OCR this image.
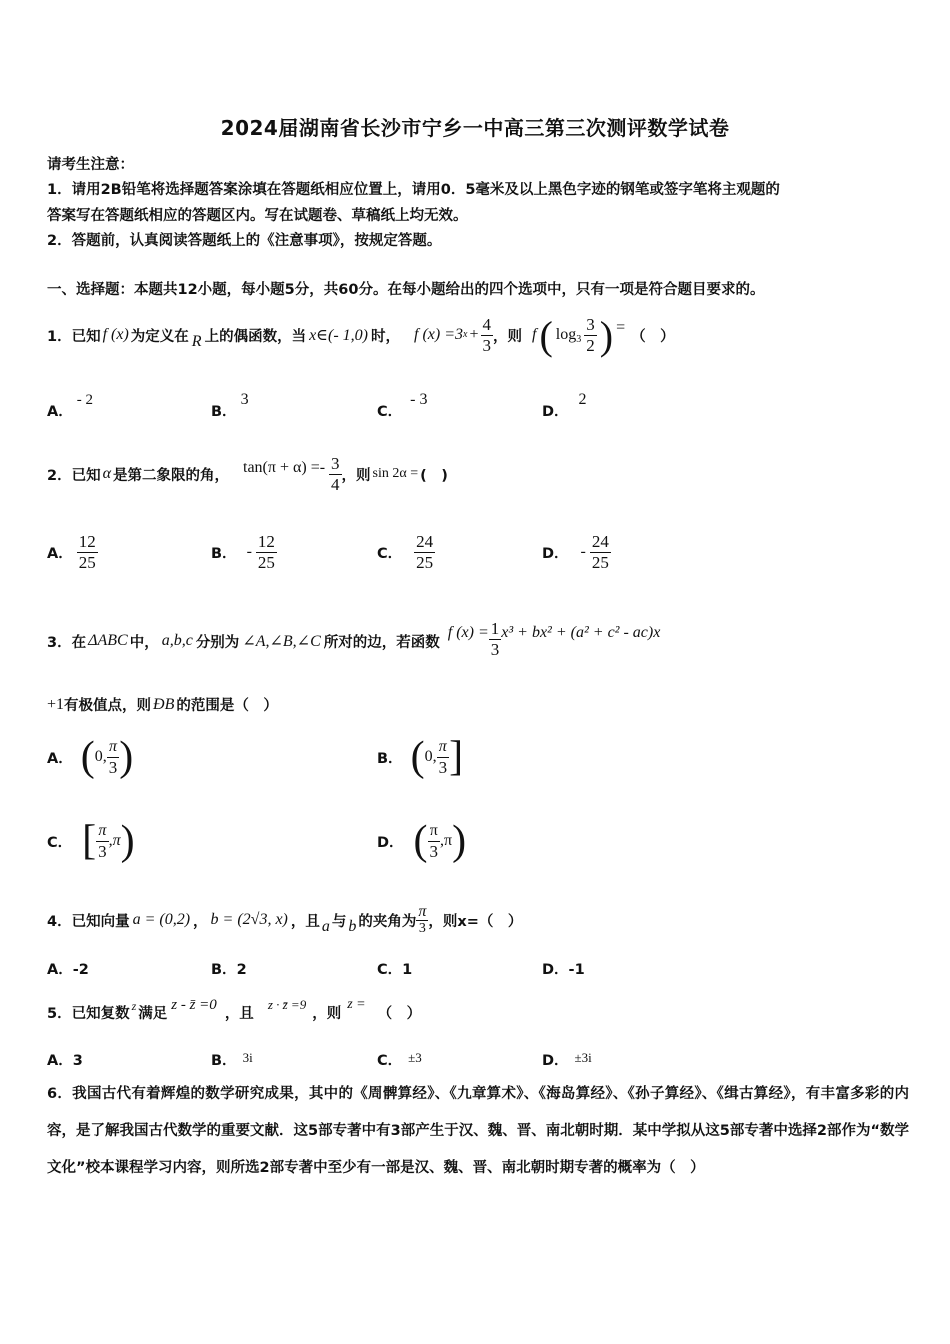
2024届湖南省长沙市宁乡一中高三第三次测评数学试卷
请考生注意：
1．请用2B铅笔将选择题答案涂填在答题纸相应位置上，请用0．5毫米及以上黑色字迹的钢笔或签字笔将主观题的
答案写在答题纸相应的答题区内。写在试题卷、草稿纸上均无效。
2．答题前，认真阅读答题纸上的《注意事项》，按规定答题。
一、选择题：本题共12小题，每小题5分，共60分。在每小题给出的四个选项中，只有一项是符合题目要求的。
1．已知 f (x) 为定义在 R 上的偶函数，当 x∈(- 1,0) 时， f (x) =3 $x + \frac{4}{3}$ ，则 f ( $\log_3 \frac{3}{2}$ ) =
（　）
A．- 2
B．3
C．- 3
D．2
2．已知 α 是第二象限的角， $\tan(\pi + \alpha) =- \frac{3}{4}$ ，则 sin 2α = (　)
A． $\frac{12}{25}$	B． - $\frac{12}{25}$	C． $\frac{24}{25}$	D． - $\frac{24}{25}$
3．在 ΔABC 中， a,b,c 分别为 ∠A,∠B,∠C 所对的边，若函数
f $(x) = \frac{1}{3} x^3 + bx^2 + (a^2 + c^2 - ac)x$
+1 有极值点，则 ÐB 的范围是（　）
A． ( 0, $\frac{\pi}{3}$ )	B． ( 0, $\frac{\pi}{3}$ ]
C． [ $\frac{\pi}{3} ,\pi$ )	D． ( $\frac{\pi}{3} ,\pi$ )
4．已知向量 a = (0,2) ， b = (2√3, x) ，且 a 与 b 的夹角为 $\frac{\pi}{3}$ ，则x=（　）
A．-2	B．2	C．1	D．-1
5．已知复数 z 满足
z - z̄ =0
，且
z · z̄ =9
，则
z =
（　）
A．3	B． 3i	C． ±3	D． ±3i
6．我国古代有着辉煌的数学研究成果，其中的《周髀算经》、《九章算术》、《海岛算经》、《孙子算经》、《缉古算经》，有丰富多彩的内容，是了解我国古代数学的重要文献．这5部专著中有3部产生于汉、魏、晋、南北朝时期．某中学拟从这5部专著中选择2部作为“数学文化”校本课程学习内容，则所选2部专著中至少有一部是汉、魏、晋、南北朝时期专著的概率为（　）
